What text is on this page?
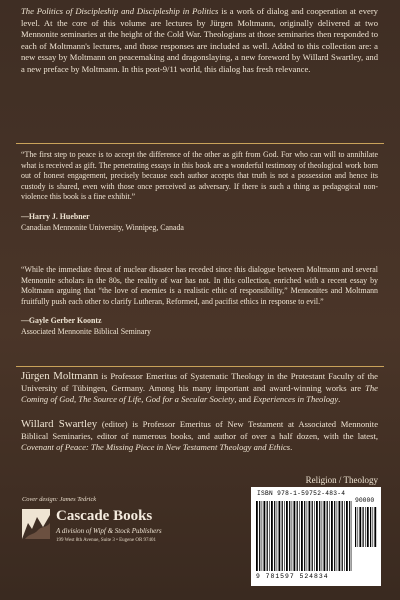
The Politics of Discipleship and Discipleship in Politics is a work of dialog and cooperation at every level. At the core of this volume are lectures by Jürgen Moltmann, originally delivered at two Mennonite seminaries at the height of the Cold War. Theologians at those seminaries then responded to each of Moltmann's lectures, and those responses are included as well. Added to this collection are: a new essay by Moltmann on peacemaking and dragonslaying, a new foreword by Willard Swartley, and a new preface by Moltmann. In this post-9/11 world, this dialog has fresh relevance.

“The first step to peace is to accept the difference of the other as gift from God. For who can will to annihilate what is received as gift. The penetrating essays in this book are a wonderful testimony of theological work born out of honest engagement, precisely because each author accepts that truth is not a possession and hence its custody is shared, even with those once perceived as adversary. If there is such a thing as pedagogical non-violence this book is a fine exhibit.”

—Harry J. Huebner

Canadian Mennonite University, Winnipeg, Canada

“While the immediate threat of nuclear disaster has receded since this dialogue between Moltmann and several Mennonite scholars in the 80s, the reality of war has not. In this collection, enriched with a recent essay by Moltmann arguing that “the love of enemies is a realistic ethic of responsibility,” Mennonites and Moltmann fruitfully push each other to clarify Lutheran, Reformed, and pacifist ethics in response to evil.”

—Gayle Gerber Koontz

Associated Mennonite Biblical Seminary

Jürgen Moltmann is Professor Emeritus of Systematic Theology in the Protestant Faculty of the University of Tübingen, Germany. Among his many important and award-winning works are The Coming of God, The Source of Life, God for a Secular Society, and Experiences in Theology.

Willard Swartley (editor) is Professor Emeritus of New Testament at Associated Mennonite Biblical Seminaries, editor of numerous books, and author of over a half dozen, with the latest, Covenant of Peace: The Missing Piece in New Testament Theology and Ethics.

Religion / Theology
Cover design: James Tedrick
Cascade Books
A division of Wipf & Stock Publishers
199 West 8th Avenue, Suite 3 • Eugene OR 97401
ISBN 978-1-59752-483-4
90000
9 781597 524834
